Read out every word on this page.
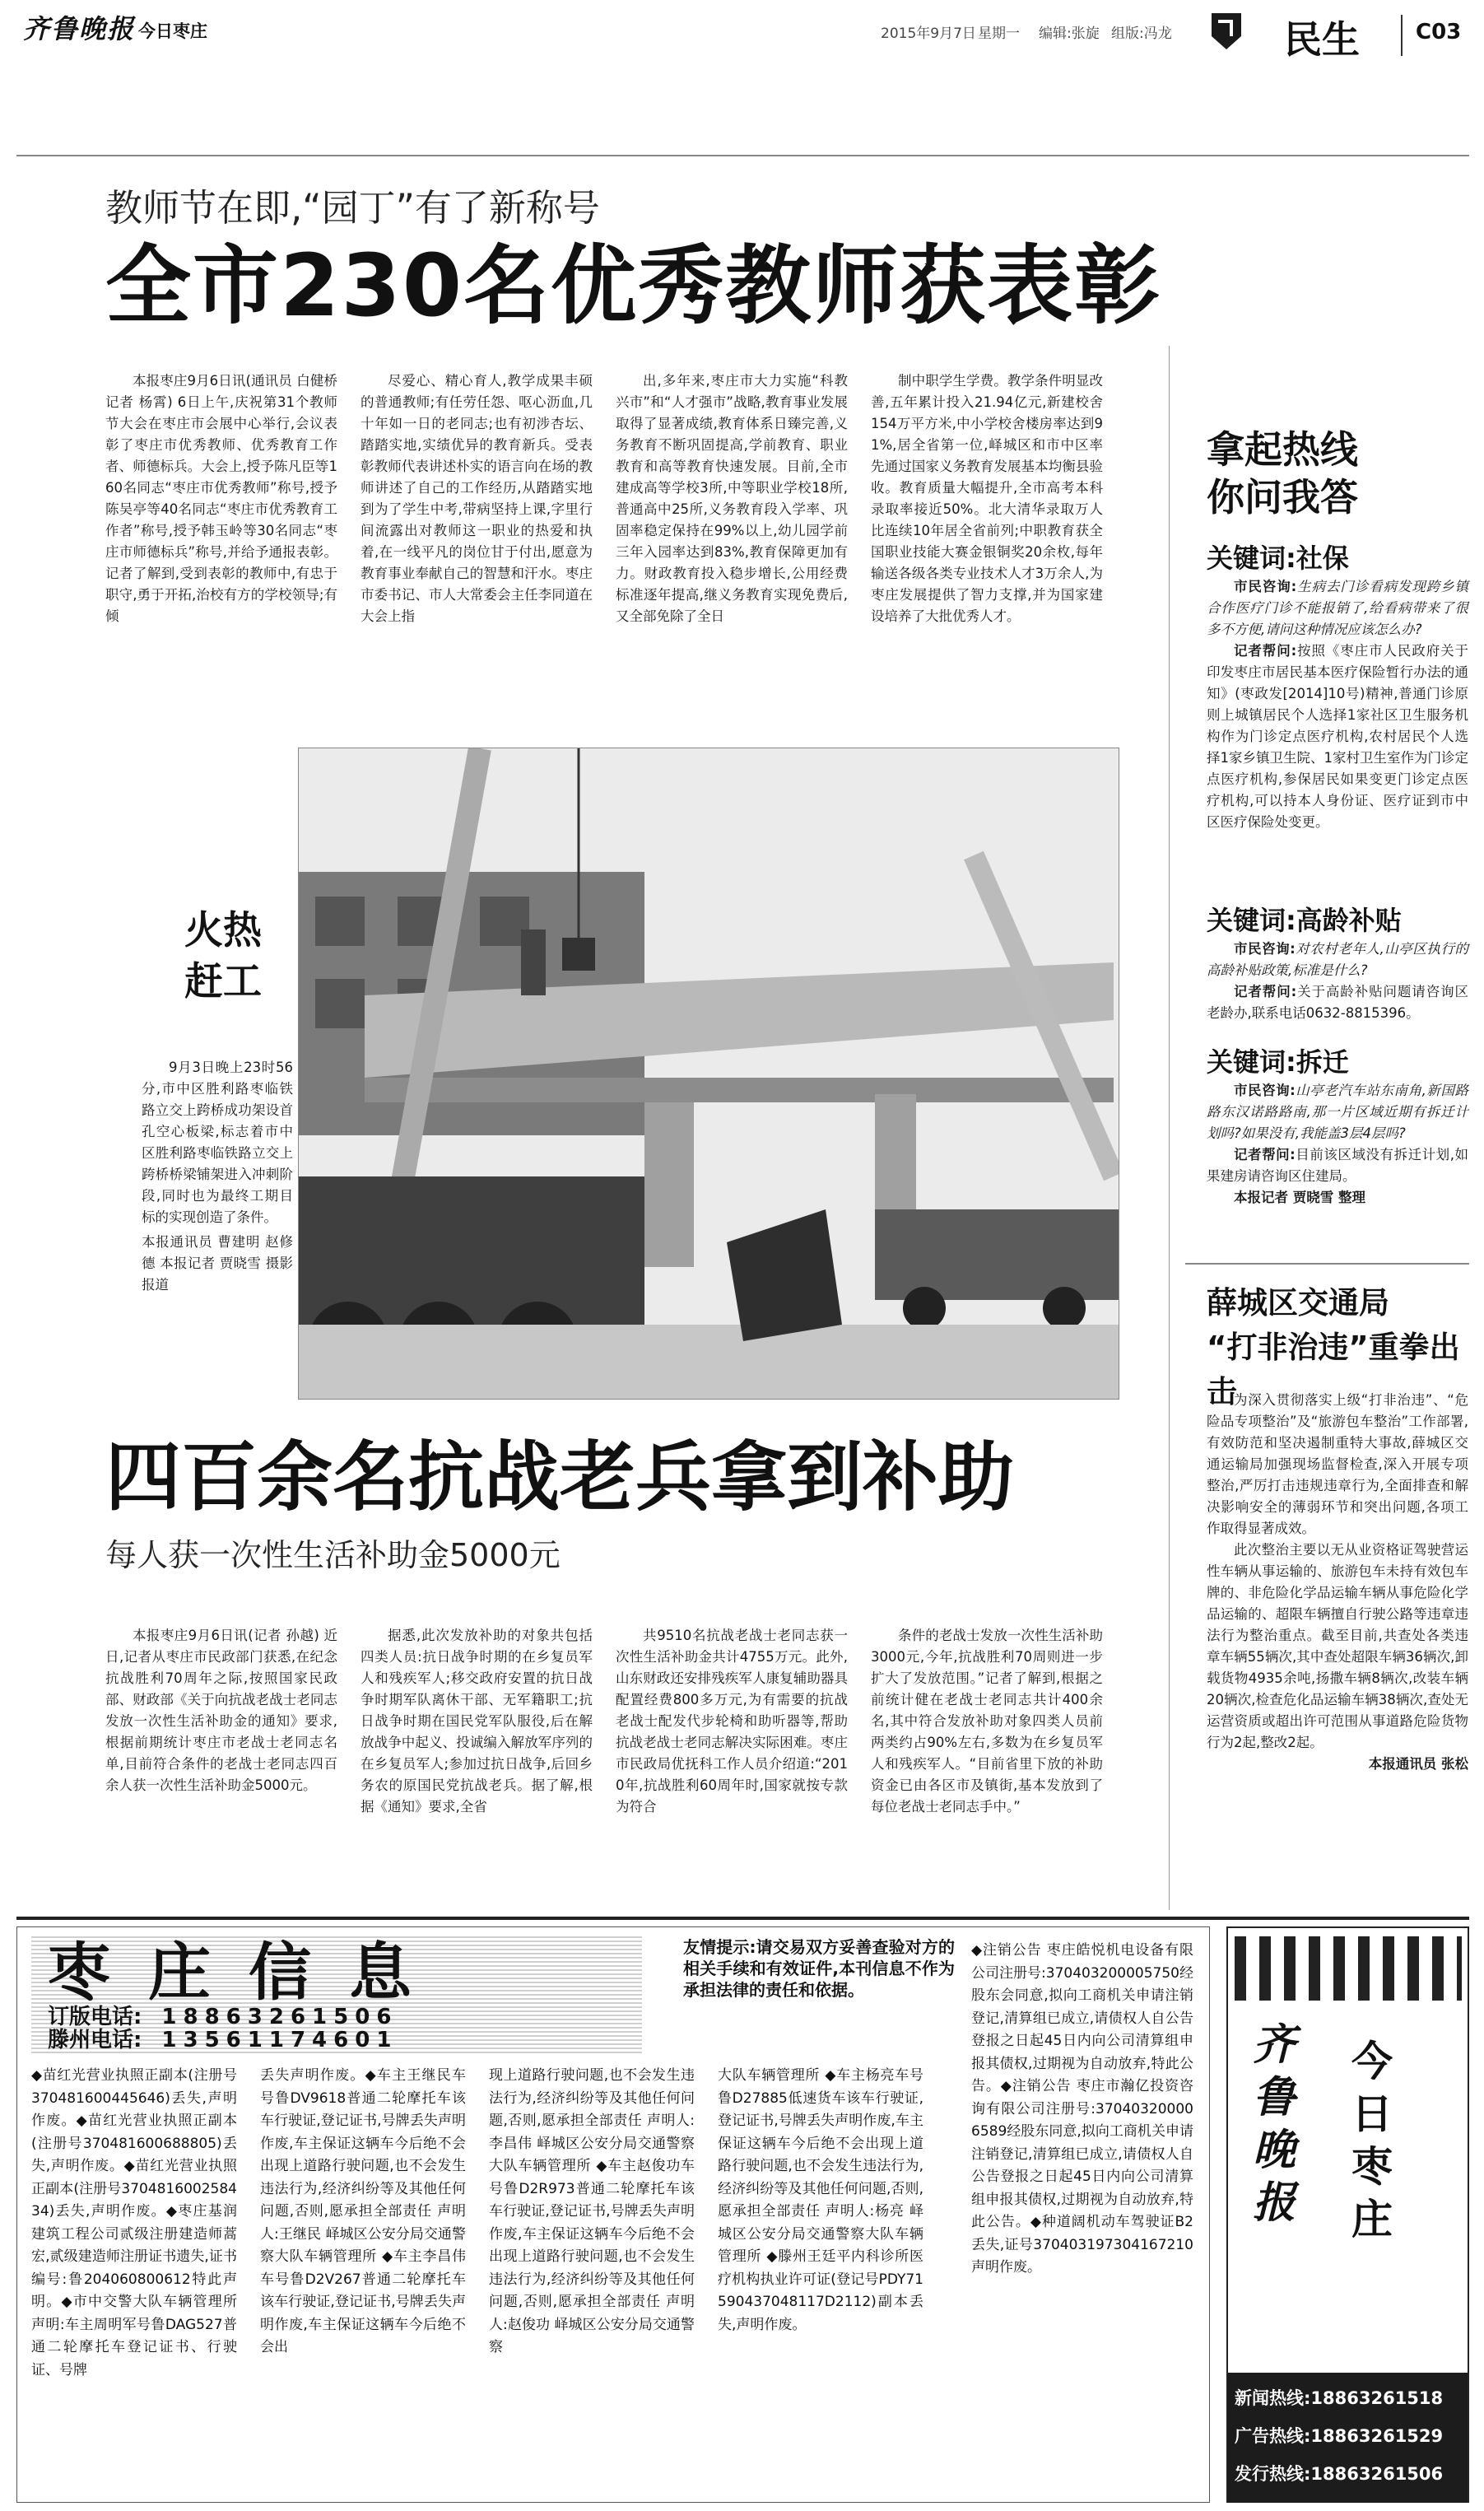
齐鲁晚报 今日枣庄	2015年9月7日 星期一 编辑:张旋 组版:冯龙	民生	C03
教师节在即,“园丁”有了新称号
全市230名优秀教师获表彰

本报枣庄9月6日讯(通讯员 白健桥 记者 杨霄) 6日上午,庆祝第31个教师节大会在枣庄市会展中心举行,会议表彰了枣庄市优秀教师、优秀教育工作者、师德标兵。大会上,授予陈凡臣等160名同志“枣庄市优秀教师”称号,授予陈吴亭等40名同志“枣庄市优秀教育工作者”称号,授予韩玉岭等30名同志“枣庄市师德标兵”称号,并给予通报表彰。记者了解到,受到表彰的教师中,有忠于职守,勇于开拓,治校有方的学校领导;有倾

尽爱心、精心育人,教学成果丰硕的普通教师;有任劳任怨、呕心沥血,几十年如一日的老同志;也有初涉杏坛、踏踏实地,实绩优异的教育新兵。受表彰教师代表讲述朴实的语言向在场的教师讲述了自己的工作经历,从踏踏实地到为了学生中考,带病坚持上课,字里行间流露出对教师这一职业的热爱和执着,在一线平凡的岗位甘于付出,愿意为教育事业奉献自己的智慧和汗水。枣庄市委书记、市人大常委会主任李同道在大会上指

出,多年来,枣庄市大力实施“科教兴市”和“人才强市”战略,教育事业发展取得了显著成绩,教育体系日臻完善,义务教育不断巩固提高,学前教育、职业教育和高等教育快速发展。目前,全市建成高等学校3所,中等职业学校18所,普通高中25所,义务教育段入学率、巩固率稳定保持在99%以上,幼儿园学前三年入园率达到83%,教育保障更加有力。财政教育投入稳步增长,公用经费标准逐年提高,继义务教育实现免费后,又全部免除了全日

制中职学生学费。教学条件明显改善,五年累计投入21.94亿元,新建校舍154万平方米,中小学校舍楼房率达到91%,居全省第一位,峄城区和市中区率先通过国家义务教育发展基本均衡县验收。教育质量大幅提升,全市高考本科录取率接近50%。北大清华录取万人比连续10年居全省前列;中职教育获全国职业技能大赛金银铜奖20余枚,每年输送各级各类专业技术人才3万余人,为枣庄发展提供了智力支撑,并为国家建设培养了大批优秀人才。

火热赶工
9月3日晚上23时56分,市中区胜利路枣临铁路立交上跨桥成功架设首孔空心板梁,标志着市中区胜利路枣临铁路立交上跨桥桥梁铺架进入冲刺阶段,同时也为最终工期目标的实现创造了条件。
本报通讯员 曹建明 赵修德 本报记者 贾晓雪 摄影报道
四百余名抗战老兵拿到补助
每人获一次性生活补助金5000元

本报枣庄9月6日讯(记者 孙越) 近日,记者从枣庄市民政部门获悉,在纪念抗战胜利70周年之际,按照国家民政部、财政部《关于向抗战老战士老同志发放一次性生活补助金的通知》要求,根据前期统计枣庄市老战士老同志名单,目前符合条件的老战士老同志四百余人获一次性生活补助金5000元。

据悉,此次发放补助的对象共包括四类人员:抗日战争时期的在乡复员军人和残疾军人;移交政府安置的抗日战争时期军队离休干部、无军籍职工;抗日战争时期在国民党军队服役,后在解放战争中起义、投诚编入解放军序列的在乡复员军人;参加过抗日战争,后回乡务农的原国民党抗战老兵。据了解,根据《通知》要求,全省

共9510名抗战老战士老同志获一次性生活补助金共计4755万元。此外,山东财政还安排残疾军人康复辅助器具配置经费800多万元,为有需要的抗战老战士配发代步轮椅和助听器等,帮助抗战老战士老同志解决实际困难。枣庄市民政局优抚科工作人员介绍道:“2010年,抗战胜利60周年时,国家就按专款为符合

条件的老战士发放一次性生活补助3000元,今年,抗战胜利70周则进一步扩大了发放范围。”记者了解到,根据之前统计健在老战士老同志共计400余名,其中符合发放补助对象四类人员前两类约占90%左右,多数为在乡复员军人和残疾军人。“目前省里下放的补助资金已由各区市及镇街,基本发放到了每位老战士老同志手中。”

拿起热线
你问我答
关键词:社保
市民咨询:生病去门诊看病发现跨乡镇合作医疗门诊不能报销了,给看病带来了很多不方便,请问这种情况应该怎么办?
记者帮问:按照《枣庄市人民政府关于印发枣庄市居民基本医疗保险暂行办法的通知》(枣政发[2014]10号)精神,普通门诊原则上城镇居民个人选择1家社区卫生服务机构作为门诊定点医疗机构,农村居民个人选择1家乡镇卫生院、1家村卫生室作为门诊定点医疗机构,参保居民如果变更门诊定点医疗机构,可以持本人身份证、医疗证到市中区医疗保险处变更。
关键词:高龄补贴
市民咨询:对农村老年人,山亭区执行的高龄补贴政策,标准是什么?
记者帮问:关于高龄补贴问题请咨询区老龄办,联系电话0632-8815396。
关键词:拆迁
市民咨询:山亭老汽车站东南角,新国路路东汉诺路路南,那一片区域近期有拆迁计划吗?如果没有,我能盖3层4层吗?
记者帮问:目前该区域没有拆迁计划,如果建房请咨询区住建局。
本报记者 贾晓雪 整理
薛城区交通局
“打非治违”重拳出击

为深入贯彻落实上级“打非治违”、“危险品专项整治”及“旅游包车整治”工作部署,有效防范和坚决遏制重特大事故,薛城区交通运输局加强现场监督检查,深入开展专项整治,严厉打击违规违章行为,全面排查和解决影响安全的薄弱环节和突出问题,各项工作取得显著成效。

此次整治主要以无从业资格证驾驶营运性车辆从事运输的、旅游包车未持有效包车牌的、非危险化学品运输车辆从事危险化学品运输的、超限车辆擅自行驶公路等违章违法行为整治重点。截至目前,共查处各类违章车辆55辆次,其中查处超限车辆36辆次,卸载货物4935余吨,扬撒车辆8辆次,改装车辆20辆次,检查危化品运输车辆38辆次,查处无运营资质或超出许可范围从事道路危险货物行为2起,整改2起。

本报通讯员 张松
枣庄信息
订版电话: 18863261506
滕州电话: 13561174601
友情提示:请交易双方妥善查验对方的相关手续和有效证件,本刊信息不作为承担法律的责任和依据。
◆苗红光营业执照正副本(注册号370481600445646)丢失,声明作废。◆苗红光营业执照正副本(注册号370481600688805)丢失,声明作废。◆苗红光营业执照正副本(注册号370481600258434)丢失,声明作废。◆枣庄基润建筑工程公司贰级注册建造师蒿宏,贰级建造师注册证书遗失,证书编号:鲁204060800612特此声明。◆市中交警大队车辆管理所声明:车主周明军号鲁DAG527普通二轮摩托车登记证书、行驶证、号牌
丢失声明作废。◆车主王继民车号鲁DV9618普通二轮摩托车该车行驶证,登记证书,号牌丢失声明作废,车主保证这辆车今后绝不会出现上道路行驶问题,也不会发生违法行为,经济纠纷等及其他任何问题,否则,愿承担全部责任 声明人:王继民 峄城区公安分局交通警察大队车辆管理所 ◆车主李昌伟车号鲁D2V267普通二轮摩托车该车行驶证,登记证书,号牌丢失声明作废,车主保证这辆车今后绝不会出
现上道路行驶问题,也不会发生违法行为,经济纠纷等及其他任何问题,否则,愿承担全部责任 声明人:李昌伟 峄城区公安分局交通警察大队车辆管理所 ◆车主赵俊功车号鲁D2R973普通二轮摩托车该车行驶证,登记证书,号牌丢失声明作废,车主保证这辆车今后绝不会出现上道路行驶问题,也不会发生违法行为,经济纠纷等及其他任何问题,否则,愿承担全部责任 声明人:赵俊功 峄城区公安分局交通警察
大队车辆管理所 ◆车主杨亮车号鲁D27885低速货车该车行驶证,登记证书,号牌丢失声明作废,车主保证这辆车今后绝不会出现上道路行驶问题,也不会发生违法行为,经济纠纷等及其他任何问题,否则,愿承担全部责任 声明人:杨亮 峄城区公安分局交通警察大队车辆管理所 ◆滕州王廷平内科诊所医疗机构执业许可证(登记号PDY71590437048117D2112)副本丢失,声明作废。
◆注销公告 枣庄皓悦机电设备有限公司注册号:370403200005750经股东会同意,拟向工商机关申请注销登记,清算组已成立,请债权人自公告登报之日起45日内向公司清算组申报其债权,过期视为自动放弃,特此公告。◆注销公告 枣庄市瀚亿投资咨询有限公司注册号:370403200006589经股东同意,拟向工商机关申请注销登记,清算组已成立,请债权人自公告登报之日起45日内向公司清算组申报其债权,过期视为自动放弃,特此公告。◆种道阔机动车驾驶证B2丢失,证号370403197304167210声明作废。
齐鲁晚报
今日枣庄
新闻热线:18863261518
广告热线:18863261529
发行热线:18863261506
